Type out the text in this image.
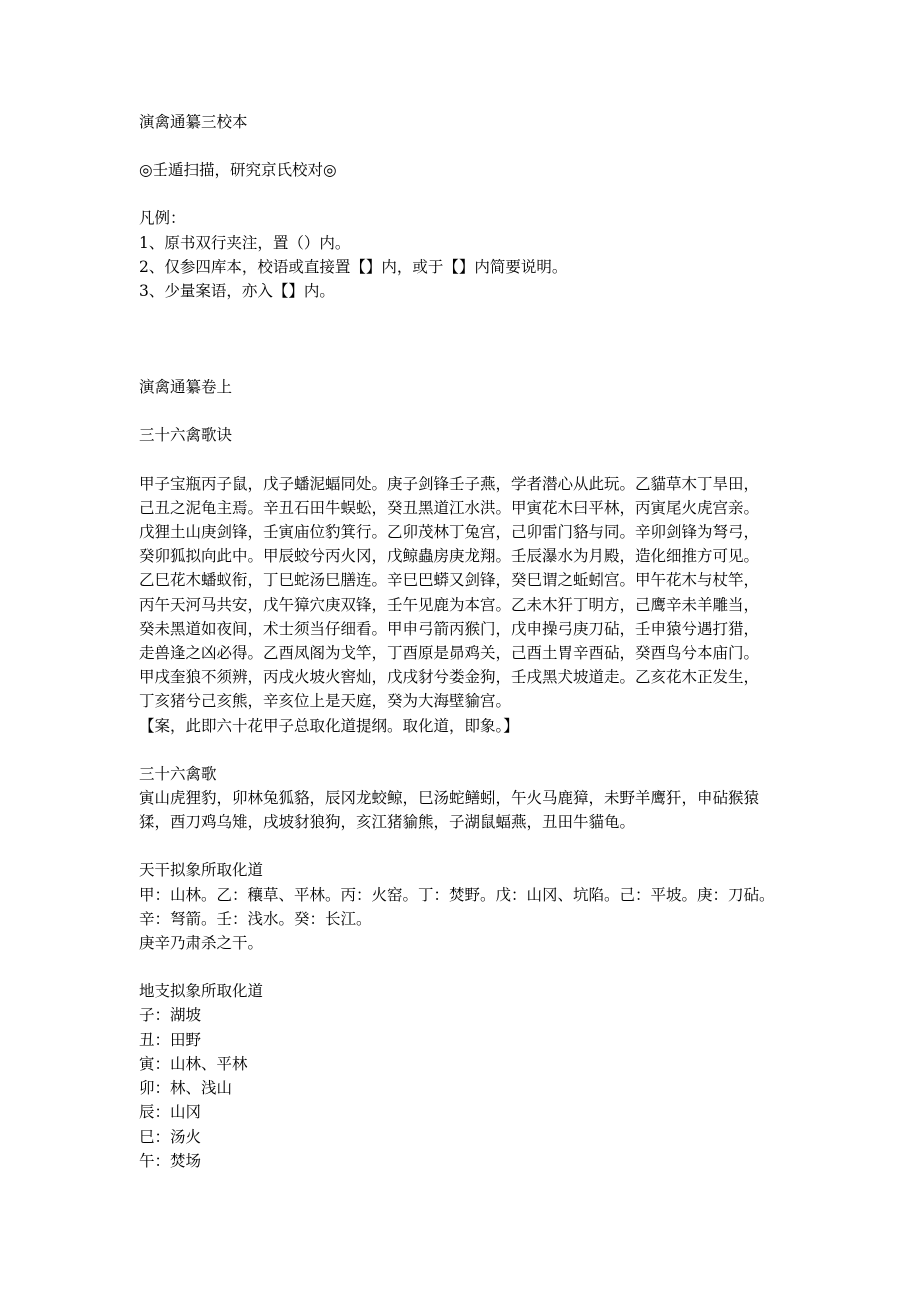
演禽通纂三校本
◎壬遁扫描，研究京氏校对◎
凡例：
1、原书双行夹注，置（）内。
2、仅参四库本，校语或直接置【】内，或于【】内简要说明。
3、少量案语，亦入【】内。
演禽通纂卷上
三十六禽歌诀
甲子宝瓶丙子鼠，戊子蟠泥蝠同处。庚子剑锋壬子燕，学者潜心从此玩。乙貓草木丁旱田，
己丑之泥龟主焉。辛丑石田牛蜈蚣，癸丑黑道江水洪。甲寅花木曰平林，丙寅尾火虎宫亲。
戊狸土山庚剑锋，壬寅庙位豹箕行。乙卯茂林丁兔宫，己卯雷门貉与同。辛卯剑锋为弩弓，
癸卯狐拟向此中。甲辰蛟兮丙火冈，戊鲸蟲房庚龙翔。壬辰瀑水为月殿，造化细推方可见。
乙巳花木蟠蚁衔，丁巳蛇汤巳膳连。辛巳巴蟒又剑锋，癸巳谓之蚯蚓宫。甲午花木与杖竿，
丙午天河马共安，戊午獐穴庚双锋，壬午见鹿为本宫。乙未木犴丁明方，己鹰辛未羊雕当，
癸未黑道如夜间，术士须当仔细看。甲申弓箭丙猴门，戊申操弓庚刀砧，壬申猿兮遇打猎，
走兽逢之凶必得。乙酉凤阁为戈竿，丁酉原是昴鸡关，己酉土胃辛酉砧，癸酉鸟兮本庙门。
甲戌奎狼不须辨，丙戌火坡火窖灿，戊戌豺兮娄金狗，壬戌黑犬坡道走。乙亥花木正发生，
丁亥猪兮己亥熊，辛亥位上是天庭，癸为大海壁貐宫。
【案，此即六十花甲子总取化道提纲。取化道，即象。】
三十六禽歌
寅山虎狸豹，卯林兔狐貉，辰冈龙蛟鲸，巳汤蛇鳝蚓，午火马鹿獐，未野羊鹰犴，申砧猴猿
猱，酉刀鸡乌雉，戌坡豺狼狗，亥江猪貐熊，子湖鼠蝠燕，丑田牛貓龟。
天干拟象所取化道
甲：山林。乙：穰草、平林。丙：火窑。丁：焚野。戊：山冈、坑陷。己：平坡。庚：刀砧。
辛：弩箭。壬：浅水。癸：长江。
庚辛乃肃杀之干。
地支拟象所取化道
子：湖坡
丑：田野
寅：山林、平林
卯：林、浅山
辰：山冈
巳：汤火
午：焚场
